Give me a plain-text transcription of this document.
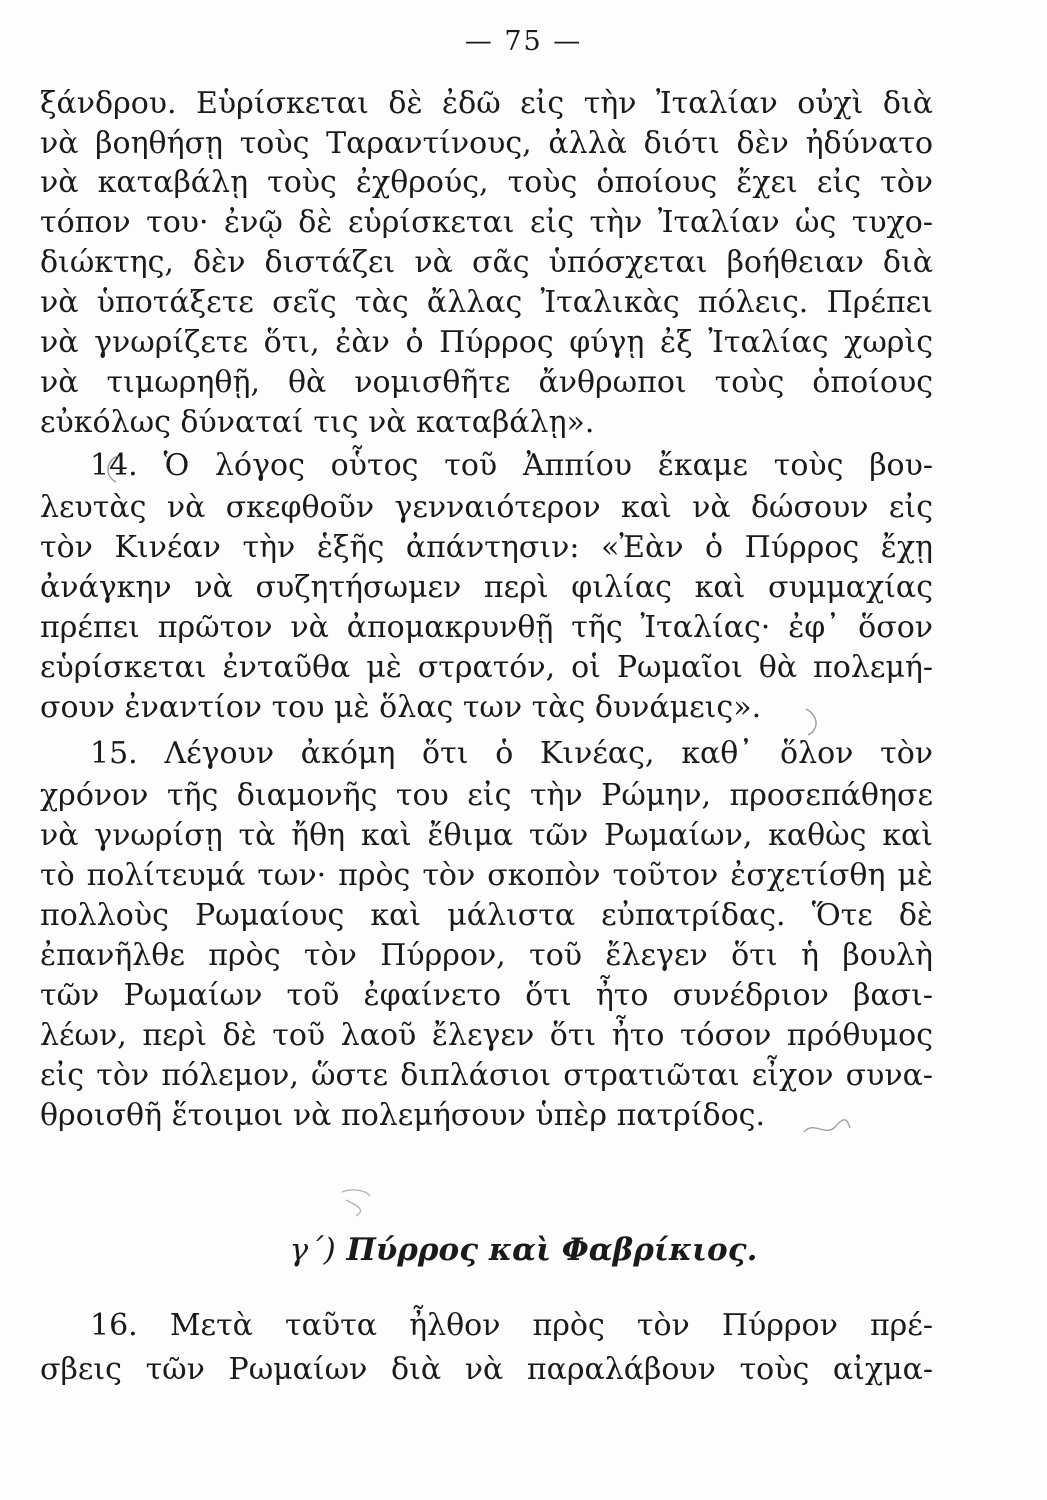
— 75 —
ξάνδρου. Εὑρίσκεται δὲ ἐδῶ εἰς τὴν Ἰταλίαν οὐχὶ διὰ
νὰ βοηθήσῃ τοὺς Ταραντίνους, ἀλλὰ διότι δὲν ἠδύνατο
νὰ καταβάλῃ τοὺς ἐχθρούς, τοὺς ὁποίους ἔχει εἰς τὸν
τόπον του· ἐνῷ δὲ εὑρίσκεται εἰς τὴν Ἰταλίαν ὡς τυχο-
διώκτης, δὲν διστάζει νὰ σᾶς ὑπόσχεται βοήθειαν διὰ
νὰ ὑποτάξετε σεῖς τὰς ἄλλας Ἰταλικὰς πόλεις. Πρέπει
νὰ γνωρίζετε ὅτι, ἐὰν ὁ Πύρρος φύγῃ ἐξ Ἰταλίας χωρὶς
νὰ τιμωρηθῇ, θὰ νομισθῆτε ἄνθρωποι τοὺς ὁποίους
εὐκόλως δύναταί τις νὰ καταβάλῃ».
14. Ὁ λόγος οὗτος τοῦ Ἀππίου ἔκαμε τοὺς βου-
λευτὰς νὰ σκεφθοῦν γενναιότερον καὶ νὰ δώσουν εἰς
τὸν Κινέαν τὴν ἑξῆς ἀπάντησιν: «Ἐὰν ὁ Πύρρος ἔχῃ
ἀνάγκην νὰ συζητήσωμεν περὶ φιλίας καὶ συμμαχίας
πρέπει πρῶτον νὰ ἀπομακρυνθῇ τῆς Ἰταλίας· ἐφ᾽ ὅσον
εὑρίσκεται ἐνταῦθα μὲ στρατόν, οἱ Ρωμαῖοι θὰ πολεμή-
σουν ἐναντίον του μὲ ὅλας των τὰς δυνάμεις».
15. Λέγουν ἀκόμη ὅτι ὁ Κινέας, καθ᾽ ὅλον τὸν
χρόνον τῆς διαμονῆς του εἰς τὴν Ρώμην, προσεπάθησε
νὰ γνωρίσῃ τὰ ἤθη καὶ ἔθιμα τῶν Ρωμαίων, καθὼς καὶ
τὸ πολίτευμά των· πρὸς τὸν σκοπὸν τοῦτον ἐσχετίσθη μὲ
πολλοὺς Ρωμαίους καὶ μάλιστα εὐπατρίδας. Ὅτε δὲ
ἐπανῆλθε πρὸς τὸν Πύρρον, τοῦ ἔλεγεν ὅτι ἡ βουλὴ
τῶν Ρωμαίων τοῦ ἐφαίνετο ὅτι ἦτο συνέδριον βασι-
λέων, περὶ δὲ τοῦ λαοῦ ἔλεγεν ὅτι ἦτο τόσον πρόθυμος
εἰς τὸν πόλεμον, ὥστε διπλάσιοι στρατιῶται εἶχον συνα-
θροισθῆ ἕτοιμοι νὰ πολεμήσουν ὑπὲρ πατρίδος.
γ΄) Πύρρος καὶ Φαβρίκιος.
16. Μετὰ ταῦτα ἦλθον πρὸς τὸν Πύρρον πρέ-
σβεις τῶν Ρωμαίων διὰ νὰ παραλάβουν τοὺς αἰχμα-
